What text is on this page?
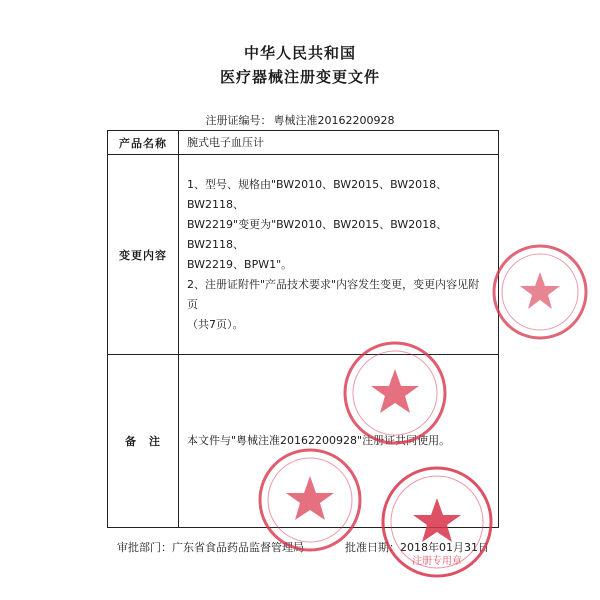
中华人民共和国
医疗器械注册变更文件
注册证编号： 粤械注准20162200928
产品名称	腕式电子血压计
变更内容	1、型号、规格由"BW2010、BW2015、BW2018、BW2118、
BW2219"变更为"BW2010、BW2015、BW2018、BW2118、
BW2219、BPW1"。
2、注册证附件"产品技术要求"内容发生变更，变更内容见附页
（共7页）。

备　注	本文件与"粤械注准20162200928"注册证共同使用。
审批部门：广东省食品药品监督管理局	批准日期：2018年01月31日
注册专用章
